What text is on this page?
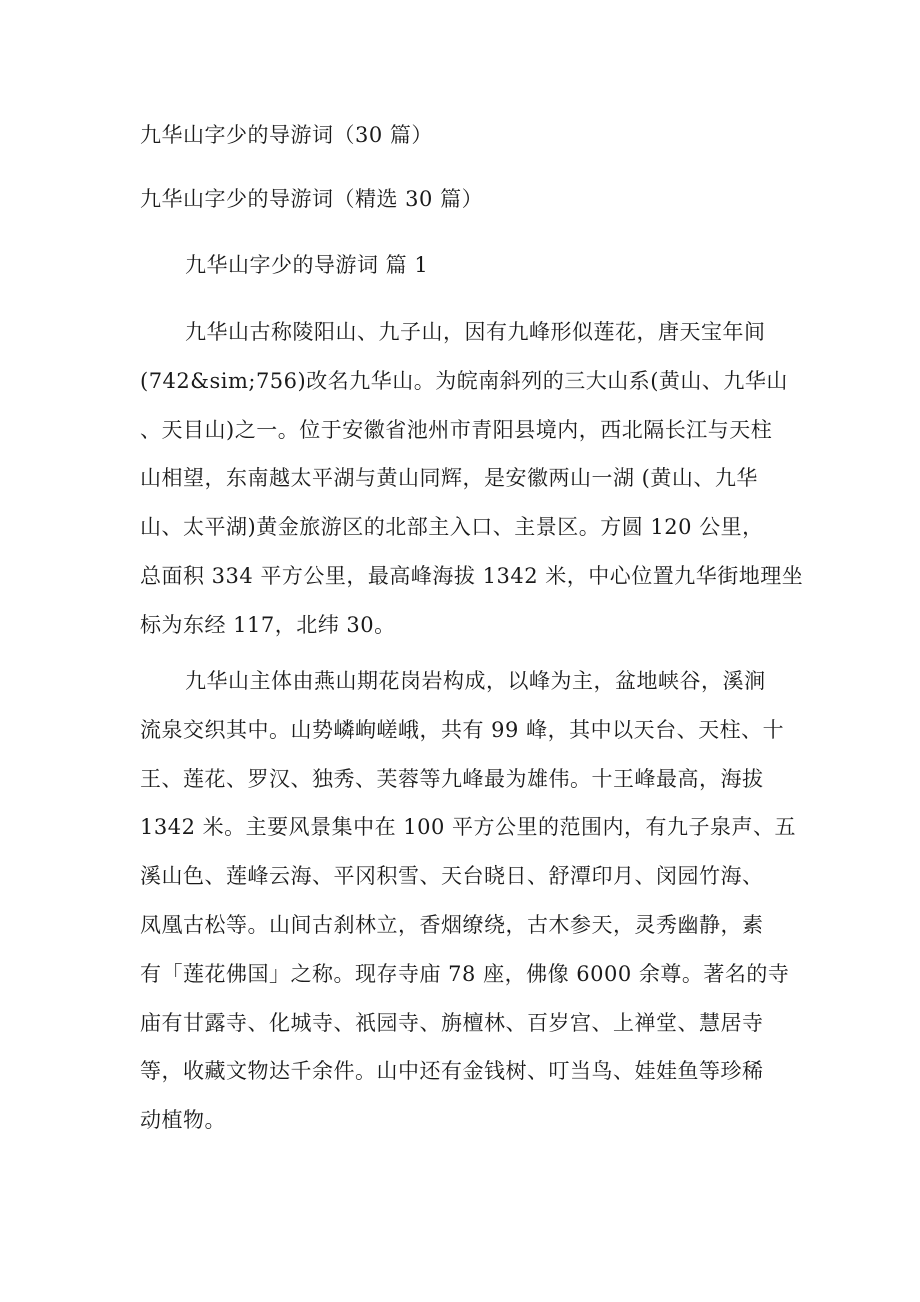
九华山字少的导游词（30 篇）
九华山字少的导游词（精选 30 篇）
九华山字少的导游词 篇 1
九华山古称陵阳山、九子山，因有九峰形似莲花，唐天宝年间
(742&sim;756)改名九华山。为皖南斜列的三大山系(黄山、九华山
、天目山)之一。位于安徽省池州市青阳县境内，西北隔长江与天柱
山相望，东南越太平湖与黄山同辉，是安徽两山一湖 (黄山、九华
山、太平湖)黄金旅游区的北部主入口、主景区。方圆 120 公里，
总面积 334 平方公里，最高峰海拔 1342 米，中心位置九华街地理坐
标为东经 117，北纬 30。
九华山主体由燕山期花岗岩构成，以峰为主，盆地峡谷，溪涧
流泉交织其中。山势嶙峋嵯峨，共有 99 峰，其中以天台、天柱、十
王、莲花、罗汉、独秀、芙蓉等九峰最为雄伟。十王峰最高，海拔
1342 米。主要风景集中在 100 平方公里的范围内，有九子泉声、五
溪山色、莲峰云海、平冈积雪、天台晓日、舒潭印月、闵园竹海、
凤凰古松等。山间古刹林立，香烟缭绕，古木参天，灵秀幽静，素
有「莲花佛国」之称。现存寺庙 78 座，佛像 6000 余尊。著名的寺
庙有甘露寺、化城寺、祇园寺、旃檀林、百岁宫、上禅堂、慧居寺
等，收藏文物达千余件。山中还有金钱树、叮当鸟、娃娃鱼等珍稀
动植物。
